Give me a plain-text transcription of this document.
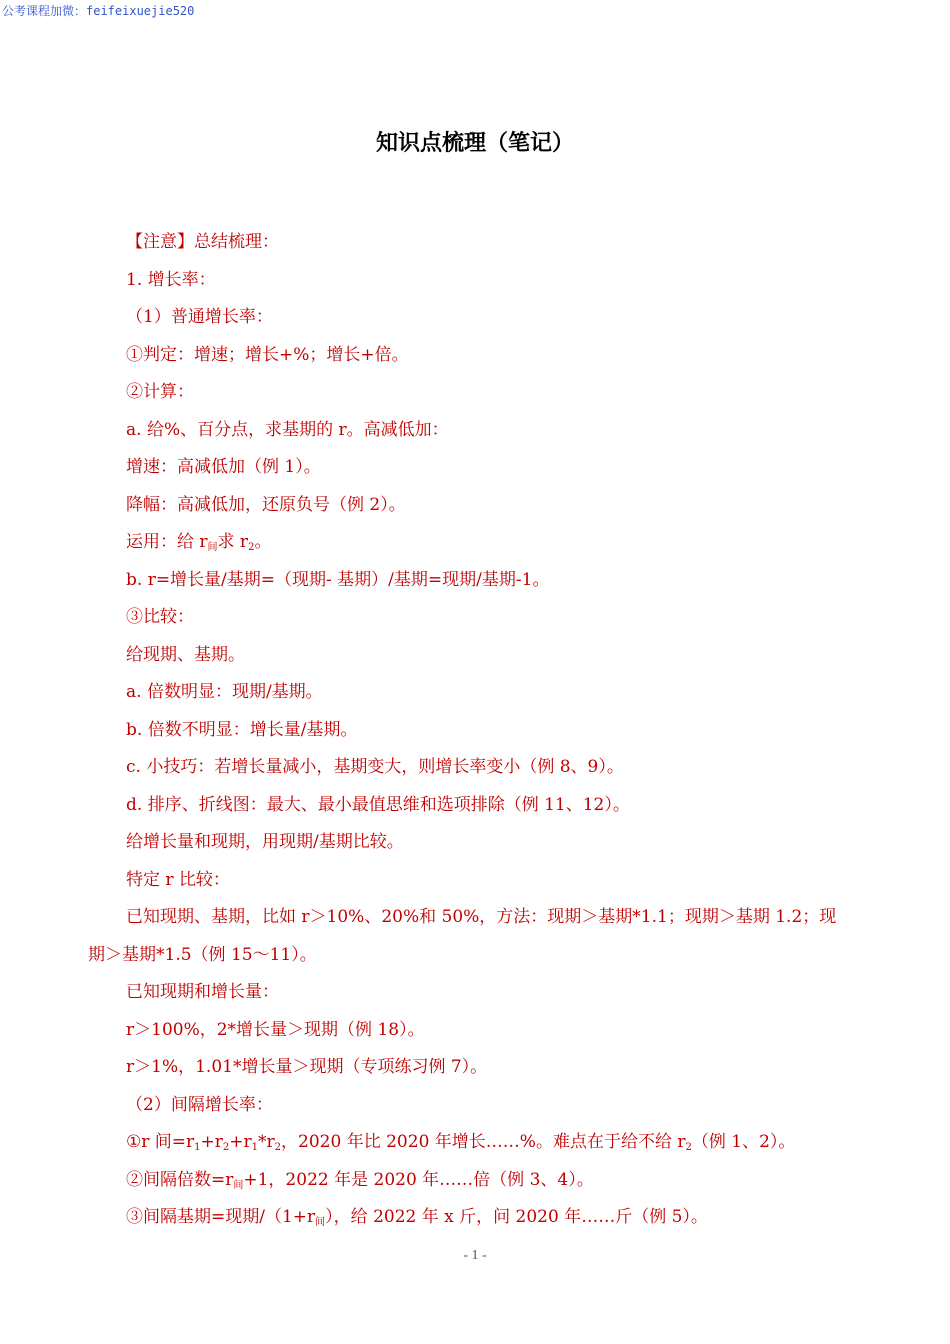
公考课程加微：feifeixuejie520
知识点梳理（笔记）
【注意】总结梳理：
1. 增长率：
（1）普通增长率：
①判定：增速；增长+%；增长+倍。
②计算：
a. 给%、百分点，求基期的 r。高减低加：
增速：高减低加（例 1）。
降幅：高减低加，还原负号（例 2）。
运用：给 $r_间$求 $r_2$。
b. r=增长量/基期=（现期- 基期）/基期=现期/基期-1。
③比较：
给现期、基期。
a. 倍数明显：现期/基期。
b. 倍数不明显：增长量/基期。
c. 小技巧：若增长量减小，基期变大，则增长率变小（例 8、9）。
d. 排序、折线图：最大、最小最值思维和选项排除（例 11、12）。
给增长量和现期，用现期/基期比较。
特定 r 比较：
已知现期、基期，比如 r＞10%、20%和 50%，方法：现期＞基期*1.1；现期＞基期 1.2；现
期＞基期*1.5（例 15～11）。
已知现期和增长量：
r＞100%，2*增长量＞现期（例 18）。
r＞1%，1.01*增长量＞现期（专项练习例 7）。
（2）间隔增长率：
①r 间$=r_1+r_2+r_1*r_2$，2020 年比 2020 年增长……%。难点在于给不给 $r_2$（例 1、2）。
②间隔倍数$=r_间+1$，2022 年是 2020 年……倍（例 3、4）。
③间隔基期=现期$/(1+r_间)$，给 2022 年 x 斤，问 2020 年……斤（例 5）。
- 1 -
